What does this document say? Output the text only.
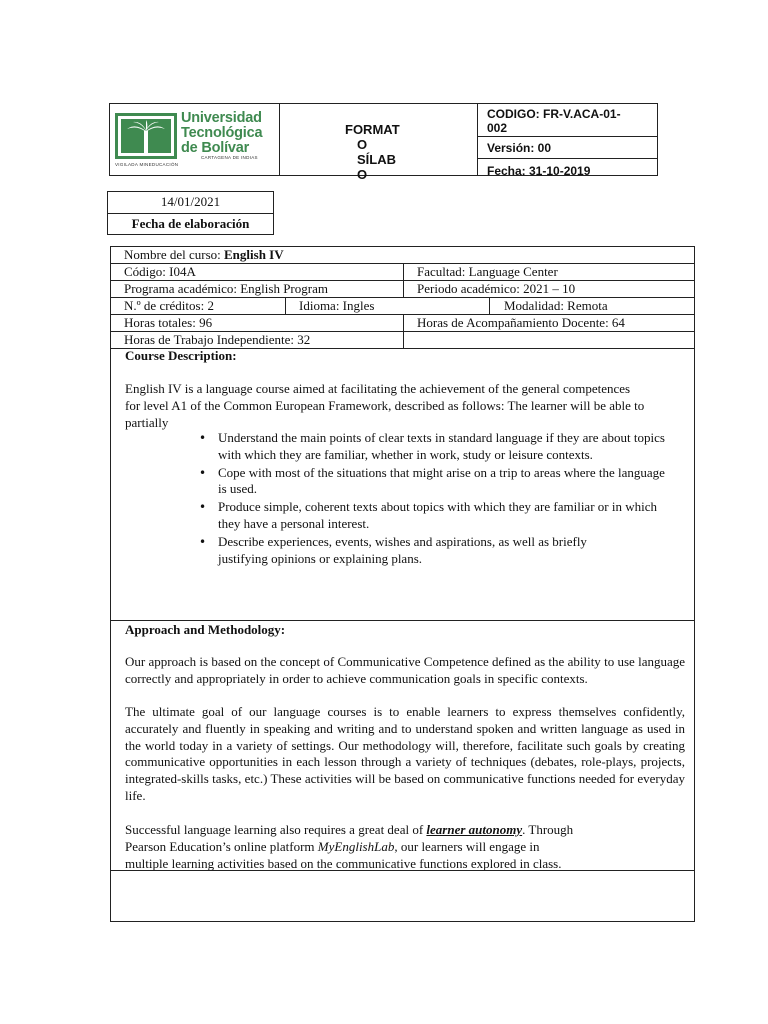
Universidad
Tecnológica
de Bolívar
CARTAGENA DE INDIAS
VIGILADA MINEDUCACIÓN
FORMAT
O
SÍLAB
O
CODIGO: FR-V.ACA-01-
002
Versión: 00
Fecha: 31-10-2019
14/01/2021
Fecha de elaboración
Nombre del curso: English IV
Código: I04A	Facultad: Language Center
Programa académico: English Program	Periodo académico: 2021 – 10
N.º de créditos: 2	Idioma: Ingles	Modalidad: Remota
Horas totales: 96	Horas de Acompañamiento Docente: 64
Horas de Trabajo Independiente: 32
Course Description:
English IV is a language course aimed at facilitating the achievement of the general competences for level A1 of the Common European Framework, described as follows: The learner will be able to partially
• Understand the main points of clear texts in standard language if they are about topics with which they are familiar, whether in work, study or leisure contexts.
• Cope with most of the situations that might arise on a trip to areas where the language is used.
• Produce simple, coherent texts about topics with which they are familiar or in which they have a personal interest.
• Describe experiences, events, wishes and aspirations, as well as briefly justifying opinions or explaining plans.
Approach and Methodology:
Our approach is based on the concept of Communicative Competence defined as the ability to use language correctly and appropriately in order to achieve communication goals in specific contexts.
The ultimate goal of our language courses is to enable learners to express themselves confidently, accurately and fluently in speaking and writing and to understand spoken and written language as used in the world today in a variety of settings. Our methodology will, therefore, facilitate such goals by creating communicative opportunities in each lesson through a variety of techniques (debates, role-plays, projects, integrated-skills tasks, etc.) These activities will be based on communicative functions needed for everyday life.
Successful language learning also requires a great deal of learner autonomy. Through
Pearson Education’s online platform MyEnglishLab, our learners will engage in
multiple learning activities based on the communicative functions explored in class.
